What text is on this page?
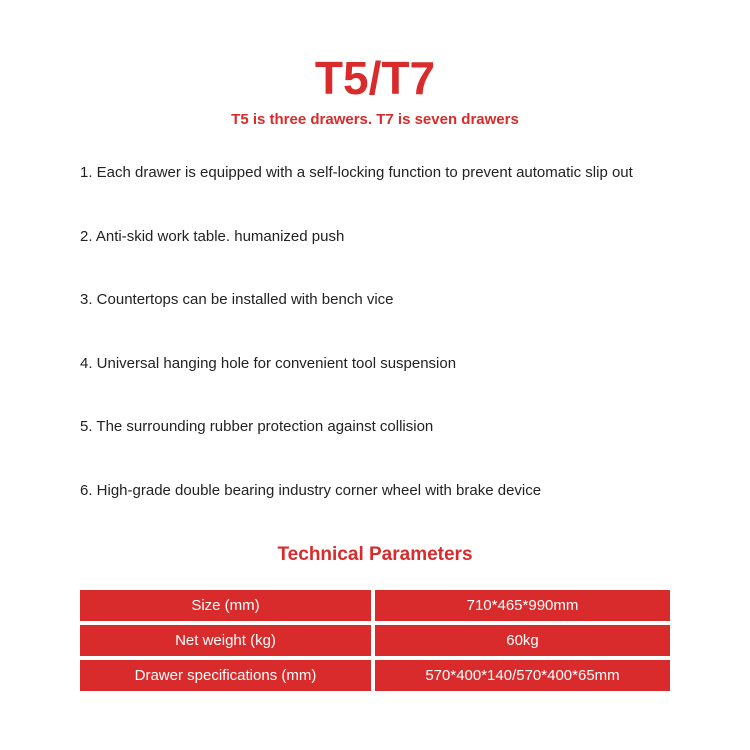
T5/T7
T5 is three drawers. T7 is seven drawers
1. Each drawer is equipped with a self-locking function to prevent automatic slip out
2. Anti-skid work table. humanized push
3. Countertops can be installed with bench vice
4. Universal hanging hole for convenient tool suspension
5. The surrounding rubber protection against collision
6. High-grade double bearing industry corner wheel with brake device
Technical Parameters
Size (mm)	710*465*990mm
Net weight (kg)	60kg
Drawer specifications (mm)	570*400*140/570*400*65mm
